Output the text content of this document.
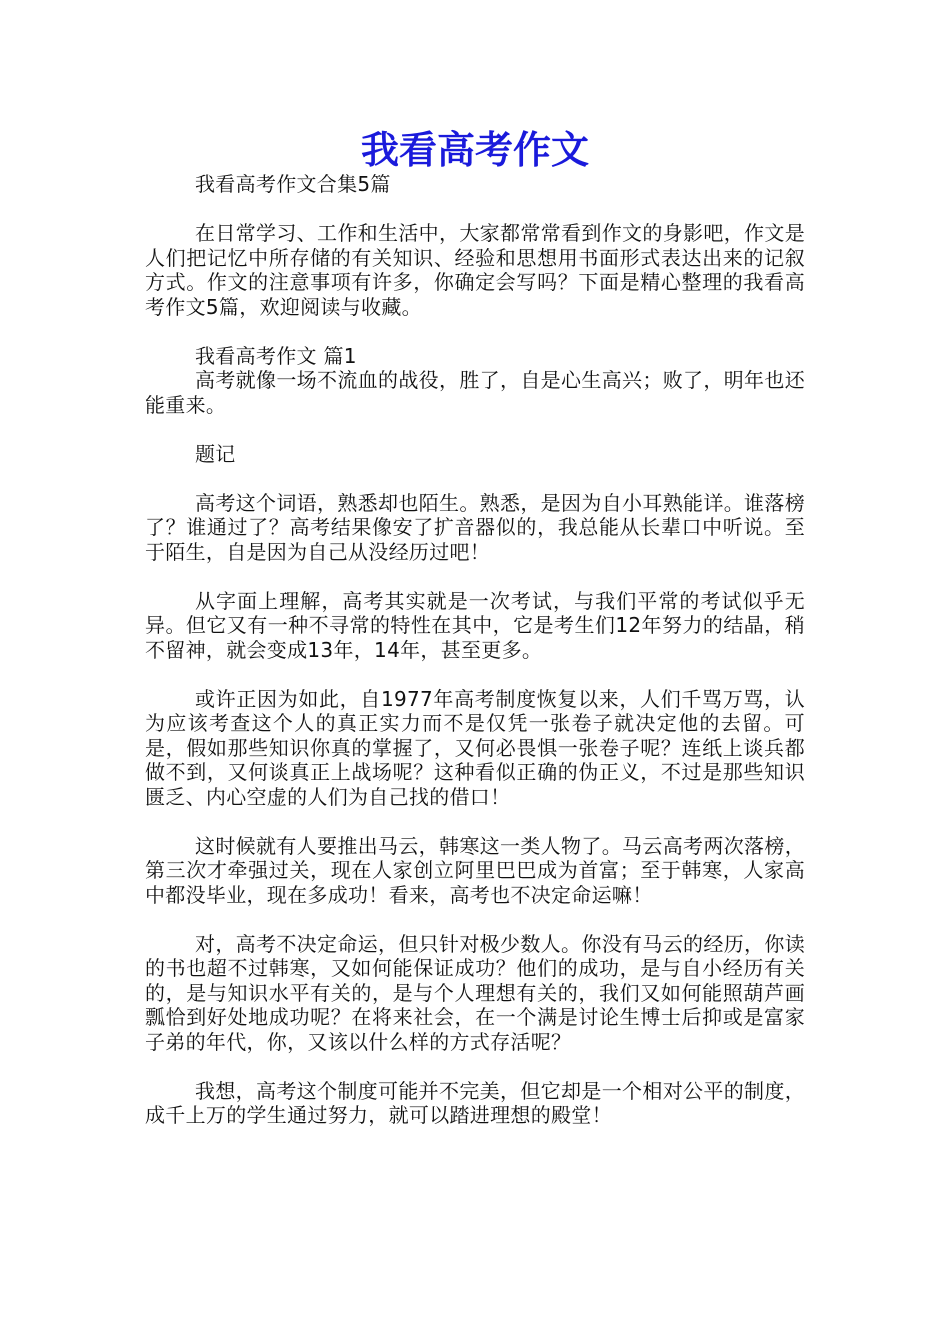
我看高考作文

我看高考作文合集5篇

在日常学习、工作和生活中，大家都常常看到作文的身影吧，作文是人们把记忆中所存储的有关知识、经验和思想用书面形式表达出来的记叙方式。作文的注意事项有许多，你确定会写吗？下面是精心整理的我看高考作文5篇，欢迎阅读与收藏。

我看高考作文 篇1

高考就像一场不流血的战役，胜了，自是心生高兴；败了，明年也还能重来。

题记

高考这个词语，熟悉却也陌生。熟悉，是因为自小耳熟能详。谁落榜了？谁通过了？高考结果像安了扩音器似的，我总能从长辈口中听说。至于陌生，自是因为自己从没经历过吧！

从字面上理解，高考其实就是一次考试，与我们平常的考试似乎无异。但它又有一种不寻常的特性在其中，它是考生们12年努力的结晶，稍不留神，就会变成13年，14年，甚至更多。

或许正因为如此，自1977年高考制度恢复以来，人们千骂万骂，认为应该考查这个人的真正实力而不是仅凭一张卷子就决定他的去留。可是，假如那些知识你真的掌握了，又何必畏惧一张卷子呢？连纸上谈兵都做不到，又何谈真正上战场呢？这种看似正确的伪正义，不过是那些知识匮乏、内心空虚的人们为自己找的借口！

这时候就有人要推出马云，韩寒这一类人物了。马云高考两次落榜，第三次才牵强过关，现在人家创立阿里巴巴成为首富；至于韩寒，人家高中都没毕业，现在多成功！看来，高考也不决定命运嘛！

对，高考不决定命运，但只针对极少数人。你没有马云的经历，你读的书也超不过韩寒，又如何能保证成功？他们的成功，是与自小经历有关的，是与知识水平有关的，是与个人理想有关的，我们又如何能照葫芦画瓢恰到好处地成功呢？在将来社会，在一个满是讨论生博士后抑或是富家子弟的年代，你，又该以什么样的方式存活呢？

我想，高考这个制度可能并不完美，但它却是一个相对公平的制度，成千上万的学生通过努力，就可以踏进理想的殿堂！
